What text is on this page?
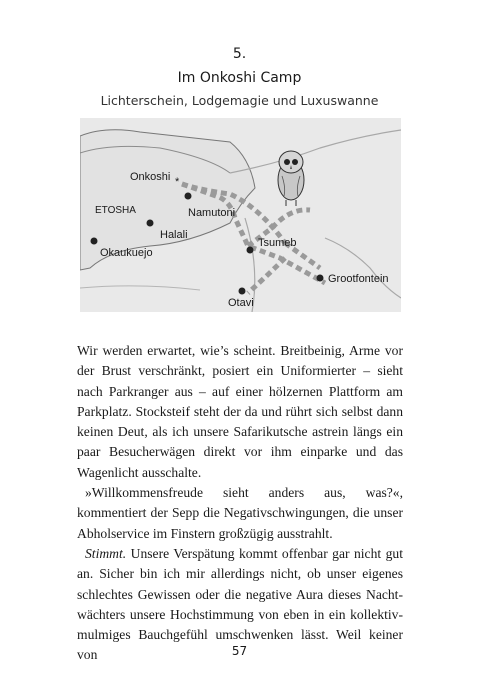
5.
Im Onkoshi Camp
Lichterschein, Lodgemagie und Luxuswanne
*
Onkoshi
ETOSHA	Namutoni
Halali
Okaukuejo
Tsumeb
Grootfontein
Otavi

Wir werden erwartet, wie’s scheint. Breitbeinig, Arme vor der Brust verschränkt, posiert ein Uniformierter – sieht nach Parkranger aus – auf einer hölzernen Plattform am Parkplatz. Stocksteif steht der da und rührt sich selbst dann keinen Deut, als ich unsere Safarikutsche astrein längs ein paar Besucherwägen direkt vor ihm einparke und das Wagenlicht ausschalte.

»Willkommensfreude sieht anders aus, was?«, kommentiert der Sepp die Negativschwingungen, die unser Abholservice im Finstern großzügig ausstrahlt.

Stimmt. Unsere Verspätung kommt offenbar gar nicht gut an. Sicher bin ich mir allerdings nicht, ob unser eigenes schlechtes Gewissen oder die negative Aura dieses Nachtwächters unsere Hochstimmung von eben in ein kollektivmulmiges Bauchgefühl umschwenken lässt. Weil keiner von	57
